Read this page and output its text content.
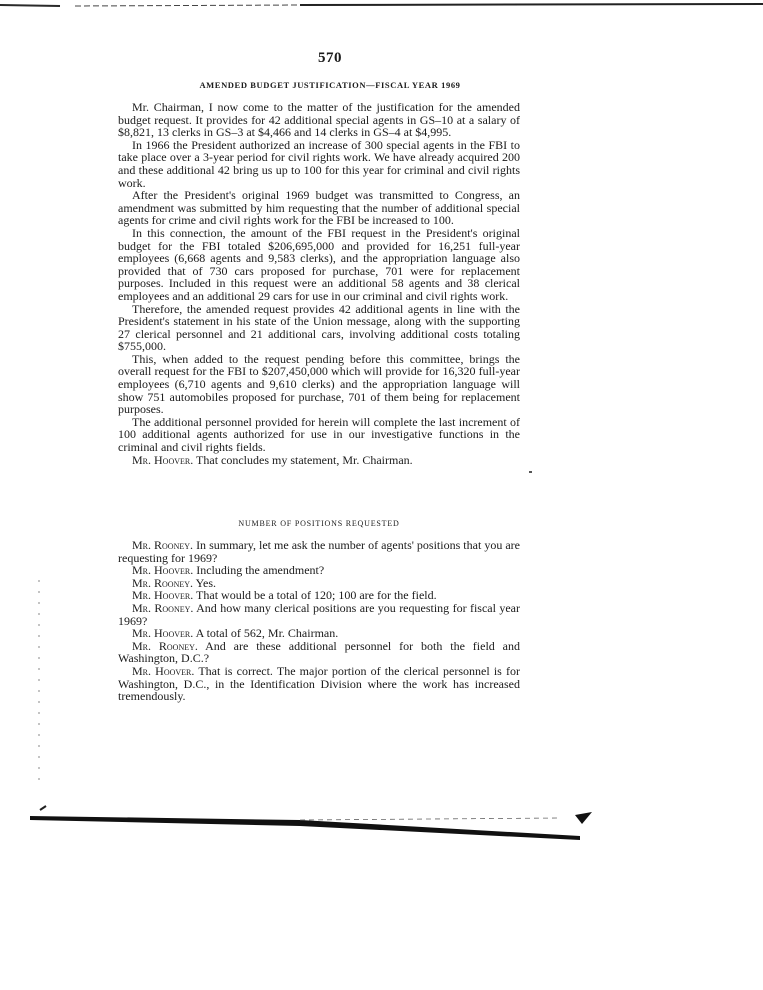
570
AMENDED BUDGET JUSTIFICATION—FISCAL YEAR 1969

Mr. Chairman, I now come to the matter of the justification for the amended budget request. It provides for 42 additional special agents in GS–10 at a salary of $8,821, 13 clerks in GS–3 at $4,466 and 14 clerks in GS–4 at $4,995.

In 1966 the President authorized an increase of 300 special agents in the FBI to take place over a 3-year period for civil rights work. We have already acquired 200 and these additional 42 bring us up to 100 for this year for criminal and civil rights work.

After the President's original 1969 budget was transmitted to Congress, an amendment was submitted by him requesting that the number of additional special agents for crime and civil rights work for the FBI be increased to 100.

In this connection, the amount of the FBI request in the President's original budget for the FBI totaled $206,695,000 and provided for 16,251 full-year employees (6,668 agents and 9,583 clerks), and the appropriation language also provided that of 730 cars proposed for purchase, 701 were for replacement purposes. Included in this request were an additional 58 agents and 38 clerical employees and an additional 29 cars for use in our criminal and civil rights work.

Therefore, the amended request provides 42 additional agents in line with the President's statement in his state of the Union message, along with the supporting 27 clerical personnel and 21 additional cars, involving additional costs totaling $755,000.

This, when added to the request pending before this committee, brings the overall request for the FBI to $207,450,000 which will provide for 16,320 full-year employees (6,710 agents and 9,610 clerks) and the appropriation language will show 751 automobiles proposed for purchase, 701 of them being for replacement purposes.

The additional personnel provided for herein will complete the last increment of 100 additional agents authorized for use in our investigative functions in the criminal and civil rights fields.

Mr. Hoover. That concludes my statement, Mr. Chairman.

NUMBER OF POSITIONS REQUESTED

Mr. Rooney. In summary, let me ask the number of agents' positions that you are requesting for 1969?

Mr. Hoover. Including the amendment?

Mr. Rooney. Yes.

Mr. Hoover. That would be a total of 120; 100 are for the field.

Mr. Rooney. And how many clerical positions are you requesting for fiscal year 1969?

Mr. Hoover. A total of 562, Mr. Chairman.

Mr. Rooney. And are these additional personnel for both the field and Washington, D.C.?

Mr. Hoover. That is correct. The major portion of the clerical personnel is for Washington, D.C., in the Identification Division where the work has increased tremendously.
